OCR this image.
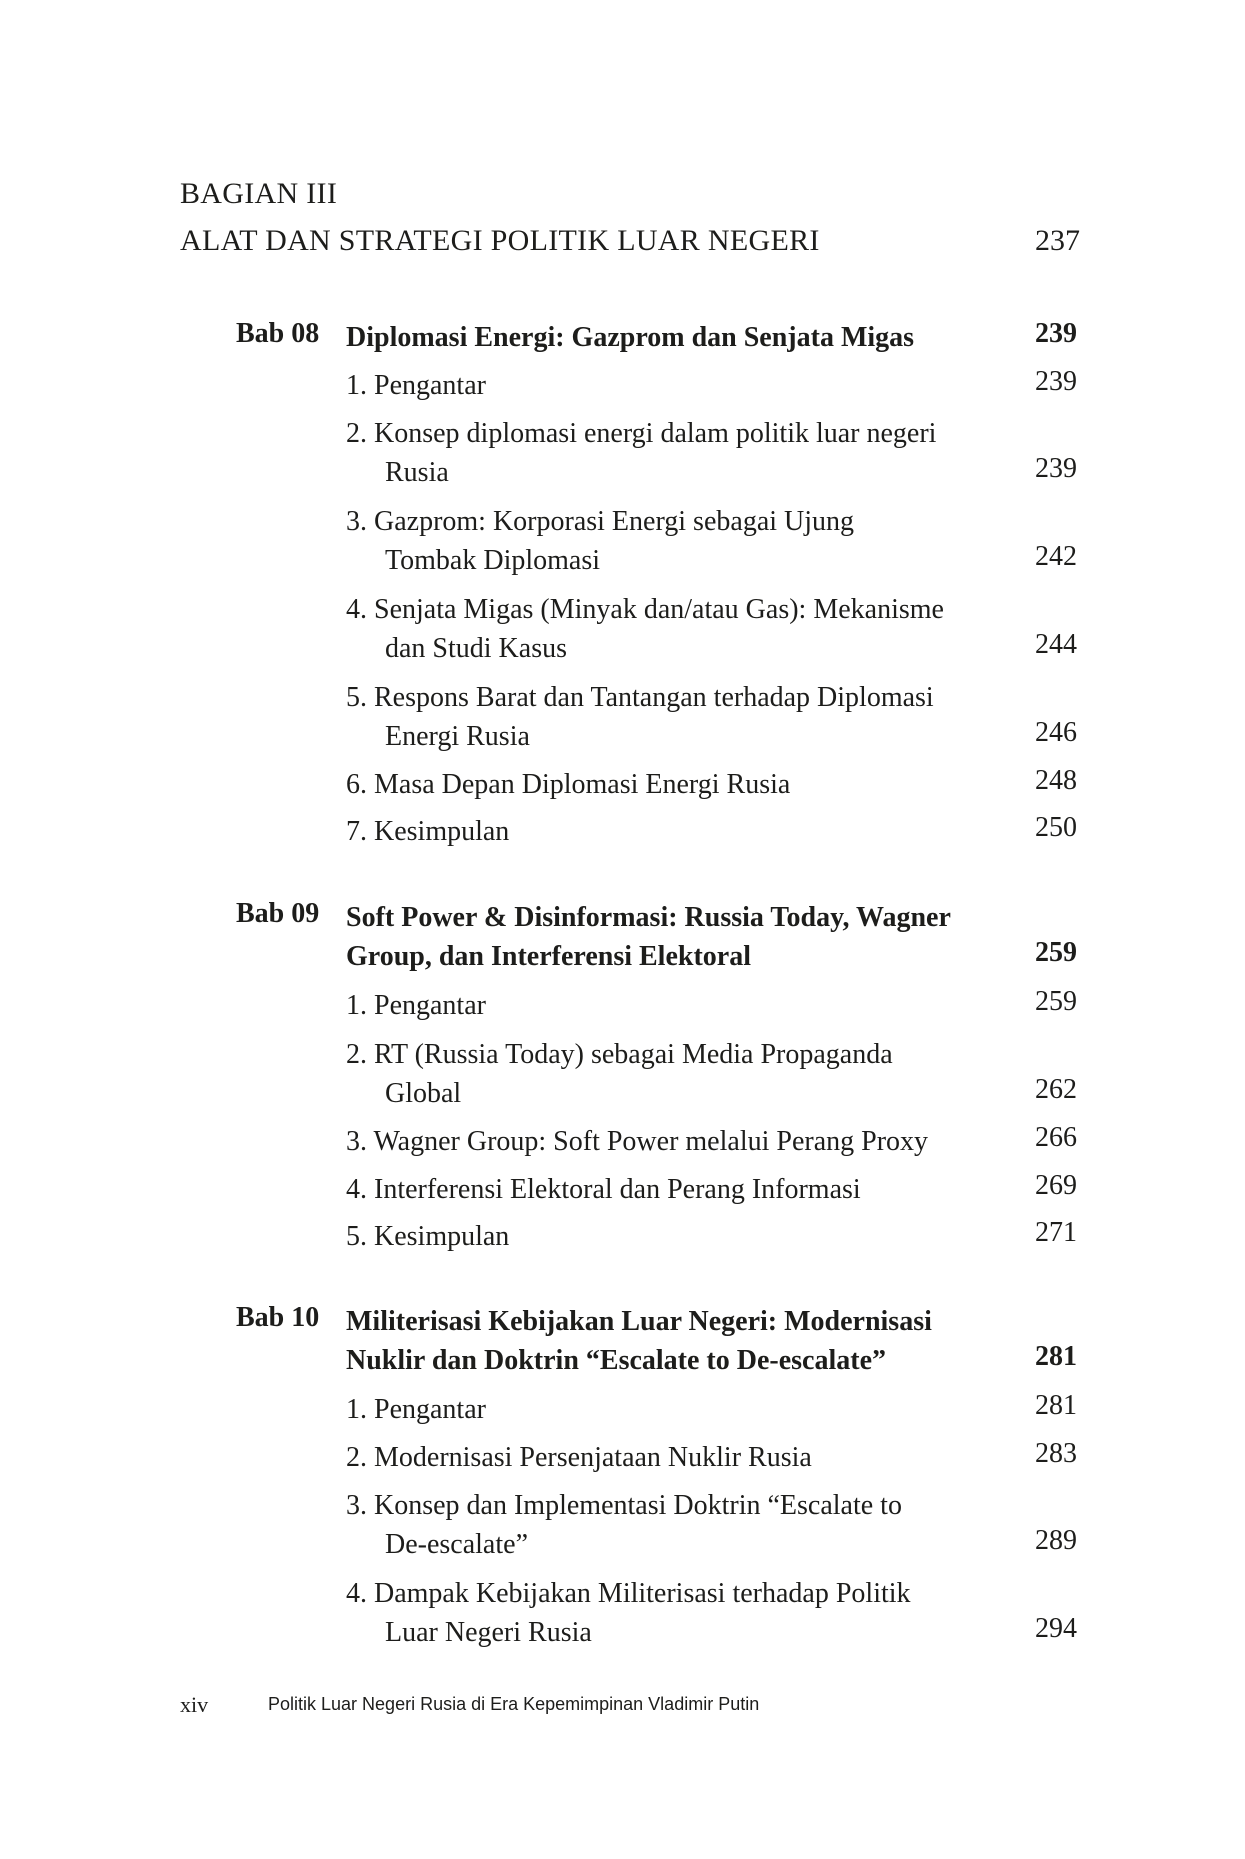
BAGIAN III
ALAT DAN STRATEGI POLITIK LUAR NEGERI	237
Bab 08 Diplomasi Energi: Gazprom dan Senjata Migas	239
1. Pengantar	239
2. Konsep diplomasi energi dalam politik luar negeri
Rusia	239
3. Gazprom: Korporasi Energi sebagai Ujung
Tombak Diplomasi	242
4. Senjata Migas (Minyak dan/atau Gas): Mekanisme
dan Studi Kasus	244
5. Respons Barat dan Tantangan terhadap Diplomasi
Energi Rusia	246
6. Masa Depan Diplomasi Energi Rusia	248
7. Kesimpulan	250
Bab 09 Soft Power & Disinformasi: Russia Today, Wagner Group, dan Interferensi Elektoral	259
1. Pengantar	259
2. RT (Russia Today) sebagai Media Propaganda
Global	262
3. Wagner Group: Soft Power melalui Perang Proxy	266
4. Interferensi Elektoral dan Perang Informasi	269
5. Kesimpulan	271
Bab 10 Militerisasi Kebijakan Luar Negeri: Modernisasi Nuklir dan Doktrin “Escalate to De-escalate”	281
1. Pengantar	281
2. Modernisasi Persenjataan Nuklir Rusia	283
3. Konsep dan Implementasi Doktrin “Escalate to
De-escalate”	289
4. Dampak Kebijakan Militerisasi terhadap Politik
Luar Negeri Rusia	294
xiv	Politik Luar Negeri Rusia di Era Kepemimpinan Vladimir Putin
